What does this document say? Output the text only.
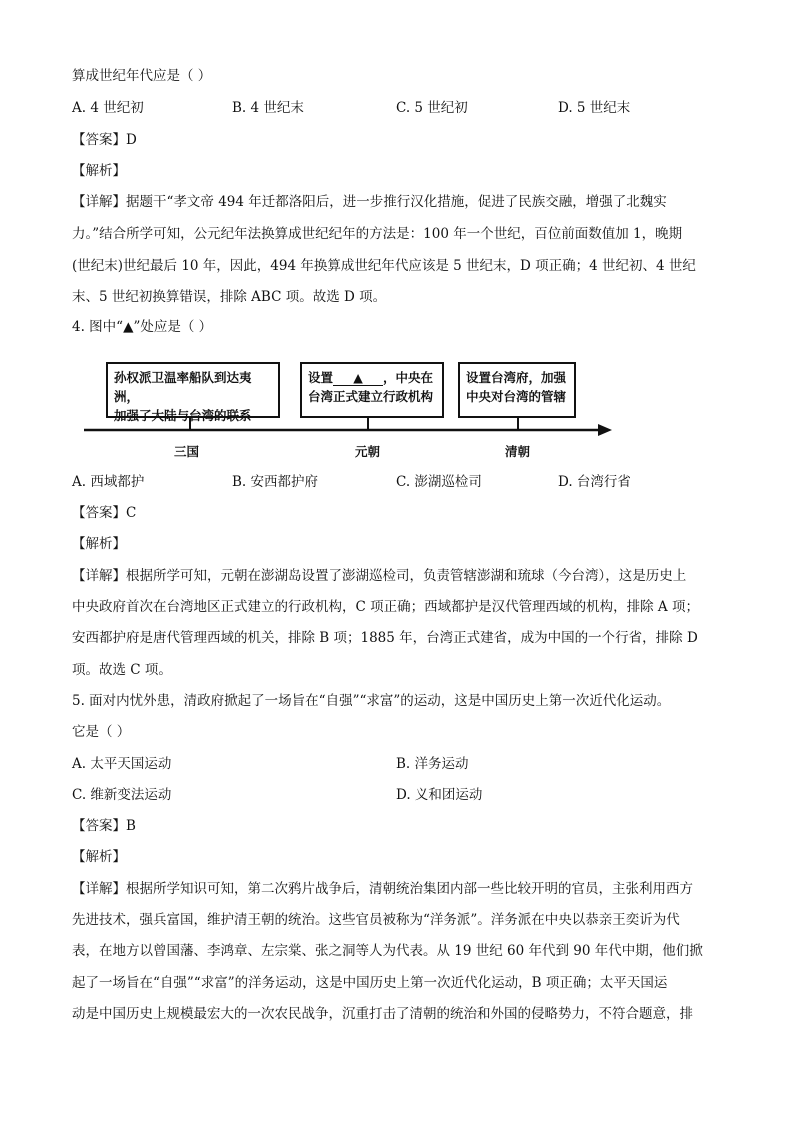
算成世纪年代应是（ ）
A. 4 世纪初	B. 4 世纪末	C. 5 世纪初	D. 5 世纪末
【答案】D
【解析】
【详解】据题干“孝文帝 494 年迁都洛阳后，进一步推行汉化措施，促进了民族交融，增强了北魏实
力。”结合所学可知，公元纪年法换算成世纪纪年的方法是：100 年一个世纪，百位前面数值加 1，晚期
(世纪末)世纪最后 10 年，因此，494 年换算成世纪年代应该是 5 世纪末，D 项正确；4 世纪初、4 世纪
末、5 世纪初换算错误，排除 ABC 项。故选 D 项。
4. 图中“▲”处应是（ ）
孙权派卫温率船队到达夷洲，
加强了大陆与台湾的联系
设置 ▲ ，中央在
台湾正式建立行政机构
设置台湾府，加强
中央对台湾的管辖
三国	元朝	清朝
A. 西域都护	B. 安西都护府	C. 澎湖巡检司	D. 台湾行省
【答案】C
【解析】
【详解】根据所学可知，元朝在澎湖岛设置了澎湖巡检司，负责管辖澎湖和琉球（今台湾），这是历史上
中央政府首次在台湾地区正式建立的行政机构，C 项正确；西域都护是汉代管理西域的机构，排除 A 项；
安西都护府是唐代管理西域的机关，排除 B 项；1885 年，台湾正式建省，成为中国的一个行省，排除 D
项。故选 C 项。
5. 面对内忧外患，清政府掀起了一场旨在“自强”“求富”的运动，这是中国历史上第一次近代化运动。
它是（ ）
A. 太平天国运动	B. 洋务运动
C. 维新变法运动	D. 义和团运动
【答案】B
【解析】
【详解】根据所学知识可知，第二次鸦片战争后，清朝统治集团内部一些比较开明的官员，主张利用西方
先进技术，强兵富国，维护清王朝的统治。这些官员被称为“洋务派”。洋务派在中央以恭亲王奕䜣为代
表，在地方以曾国藩、李鸿章、左宗棠、张之洞等人为代表。从 19 世纪 60 年代到 90 年代中期，他们掀
起了一场旨在“自强”“求富”的洋务运动，这是中国历史上第一次近代化运动，B 项正确；太平天国运
动是中国历史上规模最宏大的一次农民战争，沉重打击了清朝的统治和外国的侵略势力，不符合题意，排
